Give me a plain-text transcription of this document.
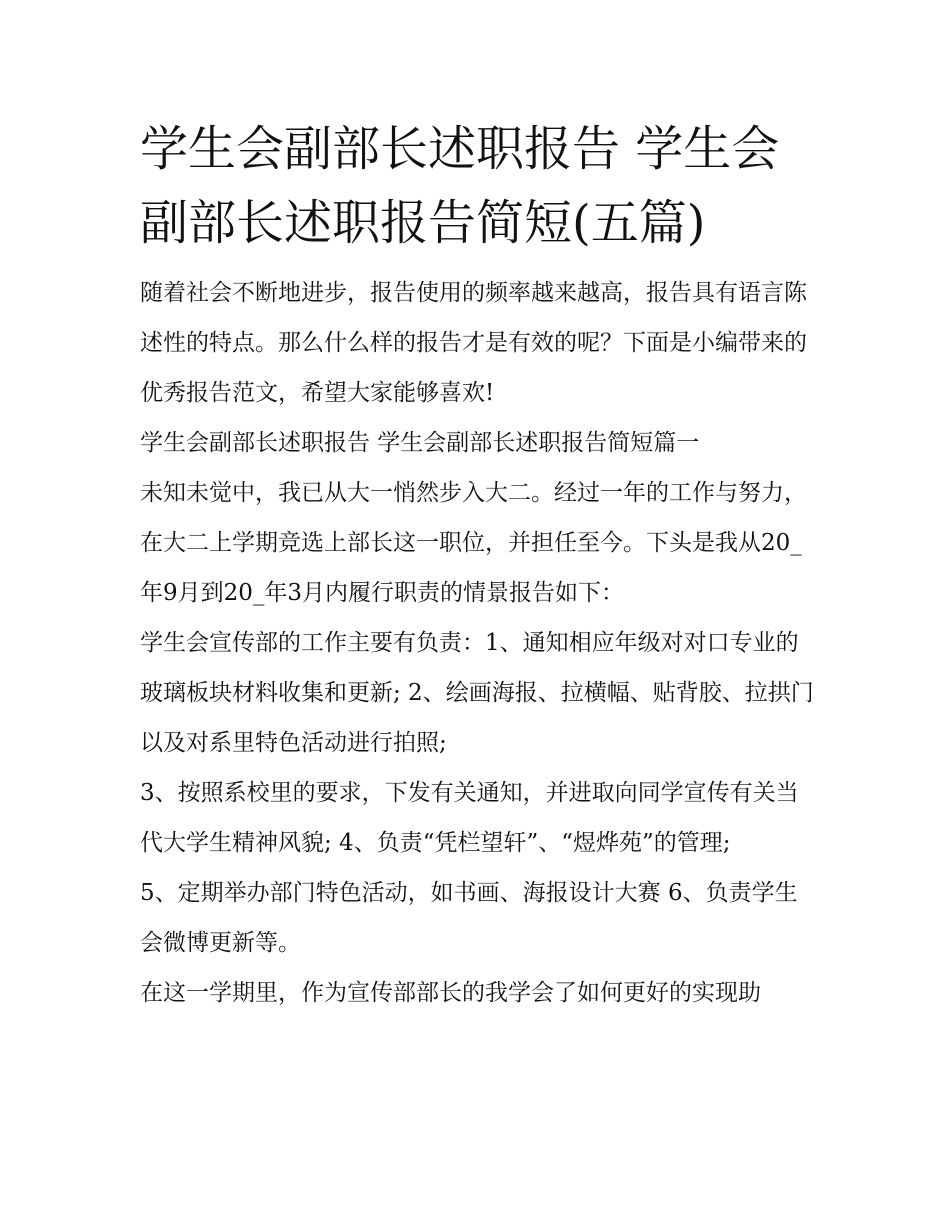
学生会副部长述职报告 学生会副部长述职报告简短(五篇)

随着社会不断地进步，报告使用的频率越来越高，报告具有语言陈述性的特点。那么什么样的报告才是有效的呢？下面是小编带来的优秀报告范文，希望大家能够喜欢!

学生会副部长述职报告 学生会副部长述职报告简短篇一

未知未觉中，我已从大一悄然步入大二。经过一年的工作与努力，在大二上学期竞选上部长这一职位，并担任至今。下头是我从20_年9月到20_年3月内履行职责的情景报告如下：

学生会宣传部的工作主要有负责：1、通知相应年级对对口专业的玻璃板块材料收集和更新; 2、绘画海报、拉横幅、贴背胶、拉拱门以及对系里特色活动进行拍照;

3、按照系校里的要求，下发有关通知，并进取向同学宣传有关当代大学生精神风貌; 4、负责“凭栏望轩”、“煜烨苑”的管理;

5、定期举办部门特色活动，如书画、海报设计大赛 6、负责学生会微博更新等。

在这一学期里，作为宣传部部长的我学会了如何更好的实现助
